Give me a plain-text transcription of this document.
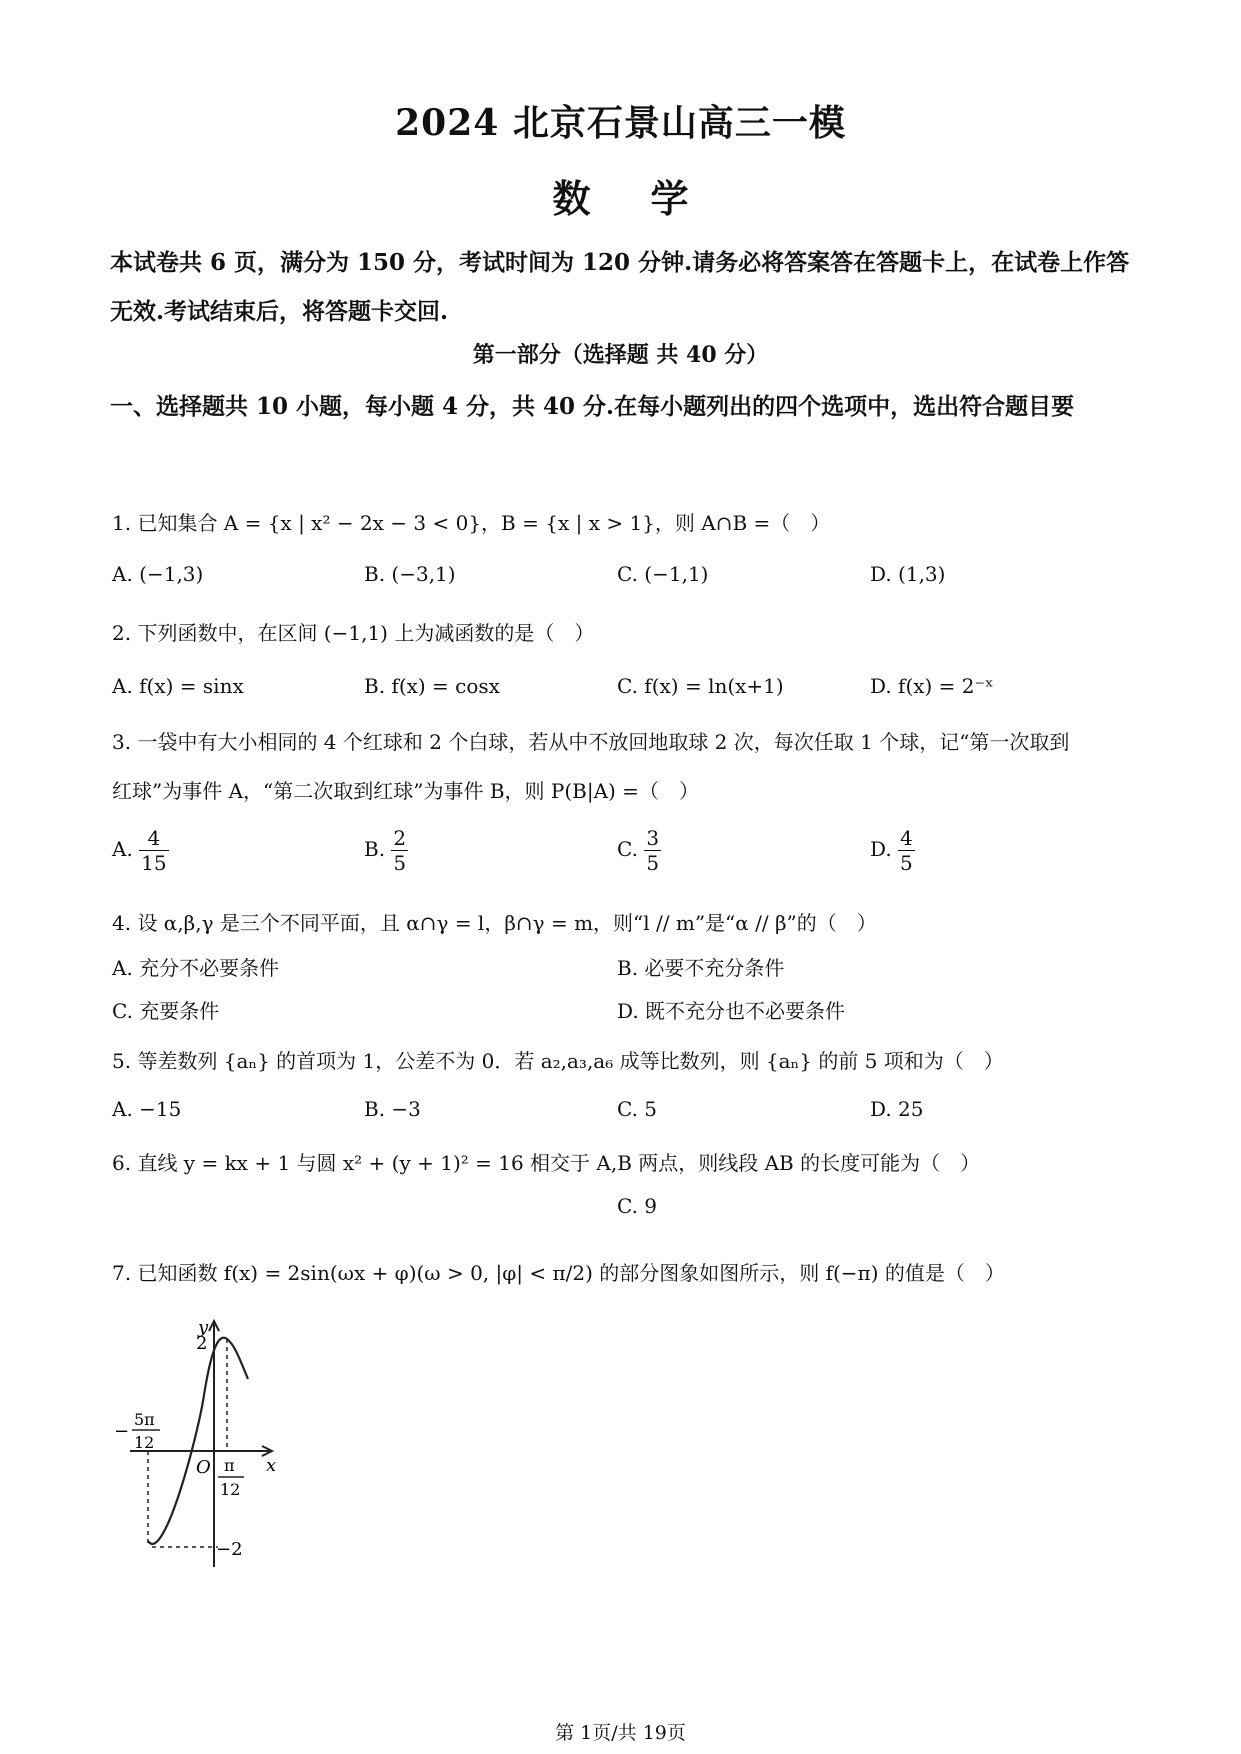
2024 北京石景山高三一模
数学
本试卷共 6 页，满分为 150 分，考试时间为 120 分钟.请务必将答案答在答题卡上，在试卷上作答无效.考试结束后，将答题卡交回.
第一部分（选择题 共 40 分）
一、选择题共 10 小题，每小题 4 分，共 40 分.在每小题列出的四个选项中，选出符合题目要
1. 已知集合 A = {x | x² − 2x − 3 < 0}，B = {x | x > 1}，则 A∩B =（　）
A. (−1,3)	B. (−3,1)	C. (−1,1)	D. (1,3)
2. 下列函数中，在区间 (−1,1) 上为减函数的是（　）
A. f(x) = sinx	B. f(x) = cosx	C. f(x) = ln(x+1)	D. f(x) = 2⁻ˣ
3. 一袋中有大小相同的 4 个红球和 2 个白球，若从中不放回地取球 2 次，每次任取 1 个球，记“第一次取到
红球”为事件 A，“第二次取到红球”为事件 B，则 P(B|A) =（　）
A. $\frac{4}{15}$	B. $\frac{2}{5}$	C. $\frac{3}{5}$	D. $\frac{4}{5}$
4. 设 α,β,γ 是三个不同平面，且 α∩γ = l，β∩γ = m，则“l // m”是“α // β”的（　）
A. 充分不必要条件	B. 必要不充分条件
C. 充要条件	D. 既不充分也不必要条件
5. 等差数列 {aₙ} 的首项为 1，公差不为 0．若 a₂,a₃,a₆ 成等比数列，则 {aₙ} 的前 5 项和为（　）
A. −15	B. −3	C. 5	D. 25
6. 直线 y = kx + 1 与圆 x² + (y + 1)² = 16 相交于 A,B 两点，则线段 AB 的长度可能为（　）
C. 9
7. 已知函数 f(x) = 2sin(ωx + φ)(ω > 0, |φ| < π/2) 的部分图象如图所示，则 f(−π) 的值是（　）
y
x
O
2
−2
−
5π
12
π
12
第 1页/共 19页
